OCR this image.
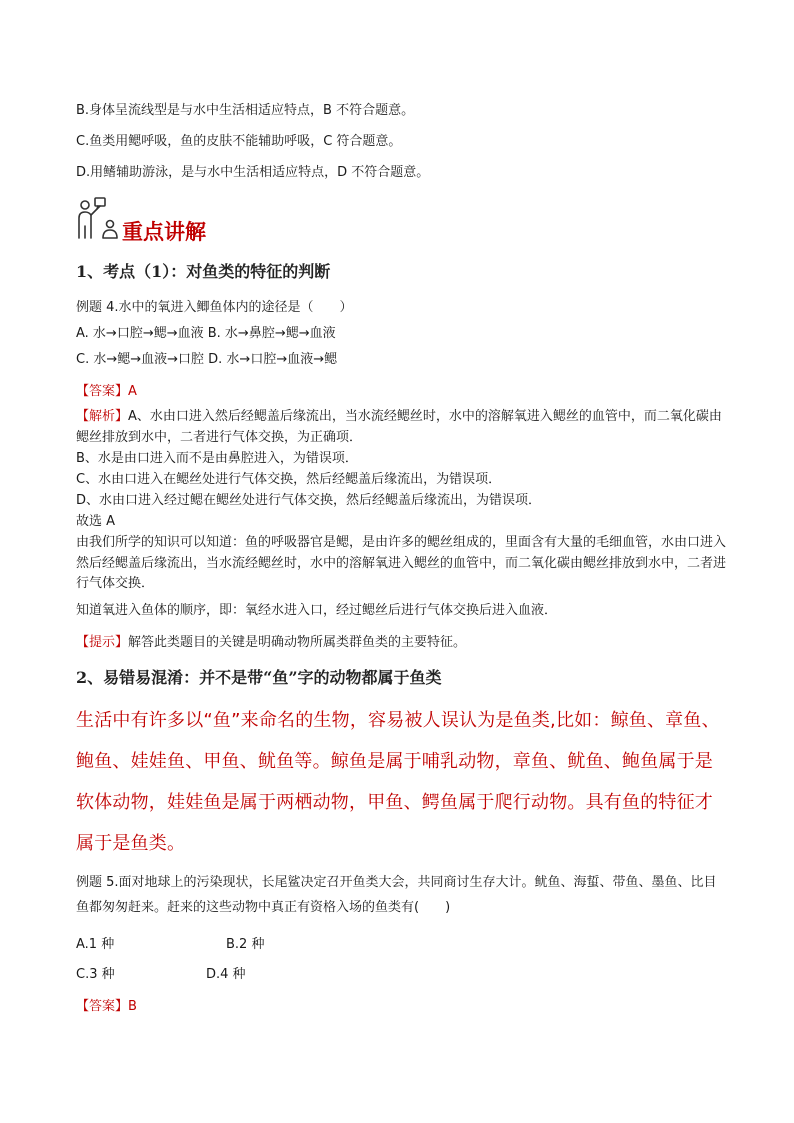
B.身体呈流线型是与水中生活相适应特点，B 不符合题意。
C.鱼类用鳃呼吸，鱼的皮肤不能辅助呼吸，C 符合题意。
D.用鳍辅助游泳，是与水中生活相适应特点，D 不符合题意。
重点讲解
1、考点（1）：对鱼类的特征的判断
例题 4.水中的氧进入鲫鱼体内的途径是（　　）
A. 水→口腔→鳃→血液 B. 水→鼻腔→鳃→血液
C. 水→鳃→血液→口腔 D. 水→口腔→血液→鳃
【答案】A
【解析】A、水由口进入然后经鳃盖后缘流出，当水流经鳃丝时，水中的溶解氧进入鳃丝的血管中，而二氧化碳由鳃丝排放到水中，二者进行气体交换，为正确项．
B、水是由口进入而不是由鼻腔进入，为错误项．
C、水由口进入在鳃丝处进行气体交换，然后经鳃盖后缘流出，为错误项．
D、水由口进入经过鳃在鳃丝处进行气体交换，然后经鳃盖后缘流出，为错误项．
故选 A
由我们所学的知识可以知道：鱼的呼吸器官是鳃，是由许多的鳃丝组成的，里面含有大量的毛细血管，水由口进入然后经鳃盖后缘流出，当水流经鳃丝时，水中的溶解氧进入鳃丝的血管中，而二氧化碳由鳃丝排放到水中，二者进行气体交换．
知道氧进入鱼体的顺序，即：氧经水进入口，经过鳃丝后进行气体交换后进入血液．
【提示】解答此类题目的关键是明确动物所属类群鱼类的主要特征。
2、易错易混淆：并不是带“鱼”字的动物都属于鱼类
生活中有许多以“鱼”来命名的生物，容易被人误认为是鱼类,比如：鲸鱼、章鱼、鲍鱼、娃娃鱼、甲鱼、鱿鱼等。鲸鱼是属于哺乳动物，章鱼、鱿鱼、鲍鱼属于是软体动物，娃娃鱼是属于两栖动物，甲鱼、鳄鱼属于爬行动物。具有鱼的特征才属于是鱼类。
例题 5.面对地球上的污染现状，长尾鲨决定召开鱼类大会，共同商讨生存大计。鱿鱼、海蜇、带鱼、墨鱼、比目鱼都匆匆赶来。赶来的这些动物中真正有资格入场的鱼类有(　　)
A.1 种	B.2 种
C.3 种	D.4 种
【答案】B
